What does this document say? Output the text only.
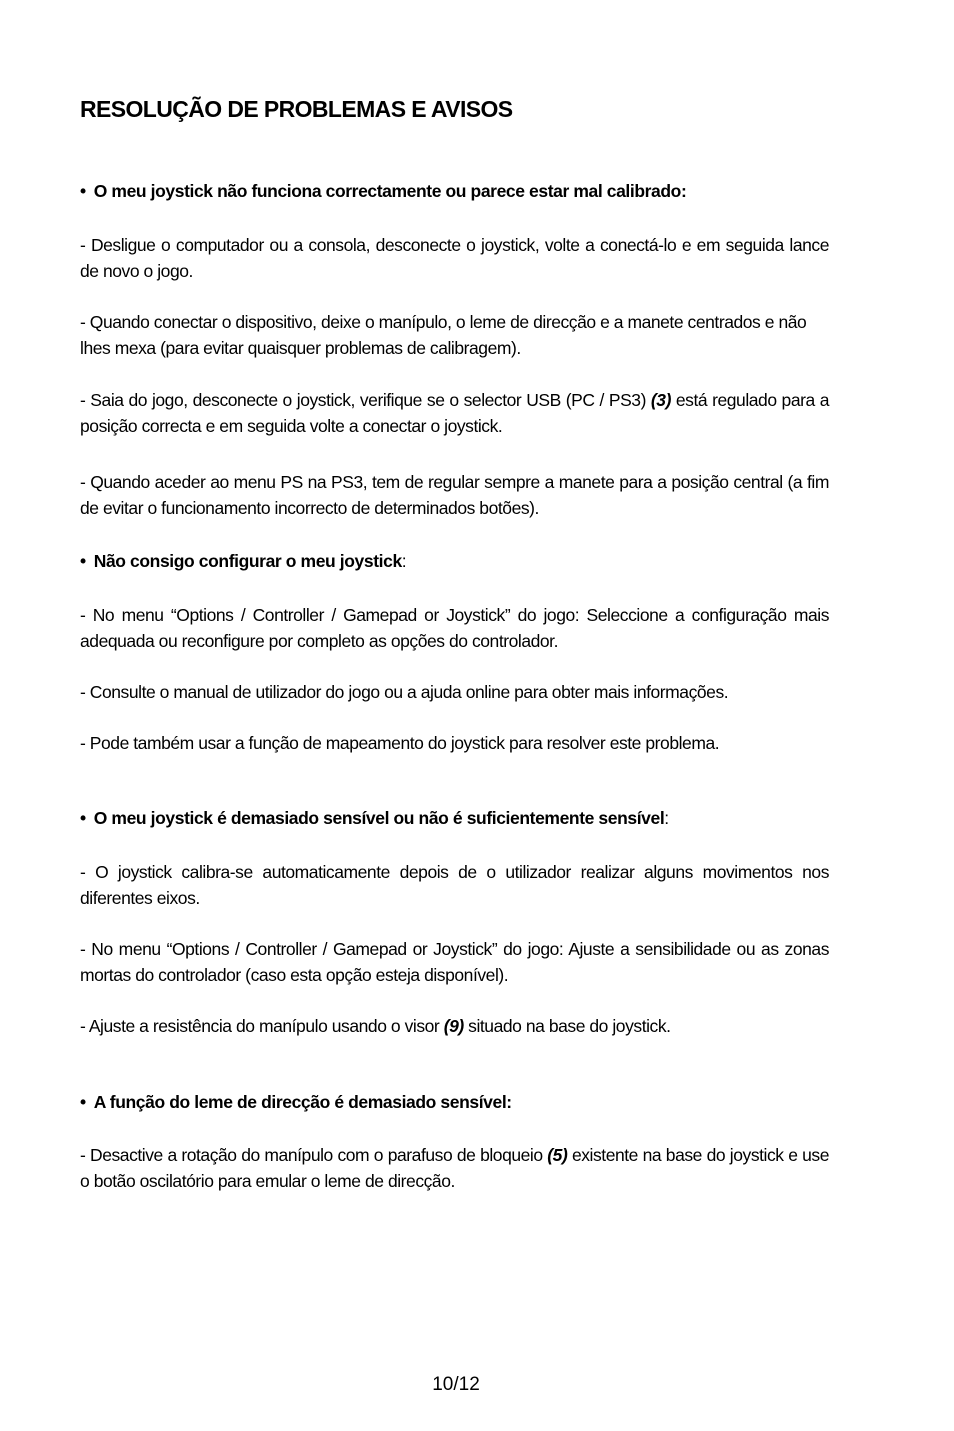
RESOLUÇÃO DE PROBLEMAS E AVISOS
• O meu joystick não funciona correctamente ou parece estar mal calibrado:

- Desligue o computador ou a consola, desconecte o joystick, volte a conectá-lo e em seguida lance de novo o jogo.

- Quando conectar o dispositivo, deixe o manípulo, o leme de direcção e a manete centrados e não lhes mexa (para evitar quaisquer problemas de calibragem).

- Saia do jogo, desconecte o joystick, verifique se o selector USB (PC / PS3) (3) está regulado para a posição correcta e em seguida volte a conectar o joystick.

- Quando aceder ao menu PS na PS3, tem de regular sempre a manete para a posição central (a fim de evitar o funcionamento incorrecto de determinados botões).

• Não consigo configurar o meu joystick:

- No menu “Options / Controller / Gamepad or Joystick” do jogo: Seleccione a configuração mais adequada ou reconfigure por completo as opções do controlador.

- Consulte o manual de utilizador do jogo ou a ajuda online para obter mais informações.

- Pode também usar a função de mapeamento do joystick para resolver este problema.

• O meu joystick é demasiado sensível ou não é suficientemente sensível:

- O joystick calibra-se automaticamente depois de o utilizador realizar alguns movimentos nos diferentes eixos.

- No menu “Options / Controller / Gamepad or Joystick” do jogo: Ajuste a sensibilidade ou as zonas mortas do controlador (caso esta opção esteja disponível).

- Ajuste a resistência do manípulo usando o visor (9) situado na base do joystick.

• A função do leme de direcção é demasiado sensível:

- Desactive a rotação do manípulo com o parafuso de bloqueio (5) existente na base do joystick e use o botão oscilatório para emular o leme de direcção.

10/12
